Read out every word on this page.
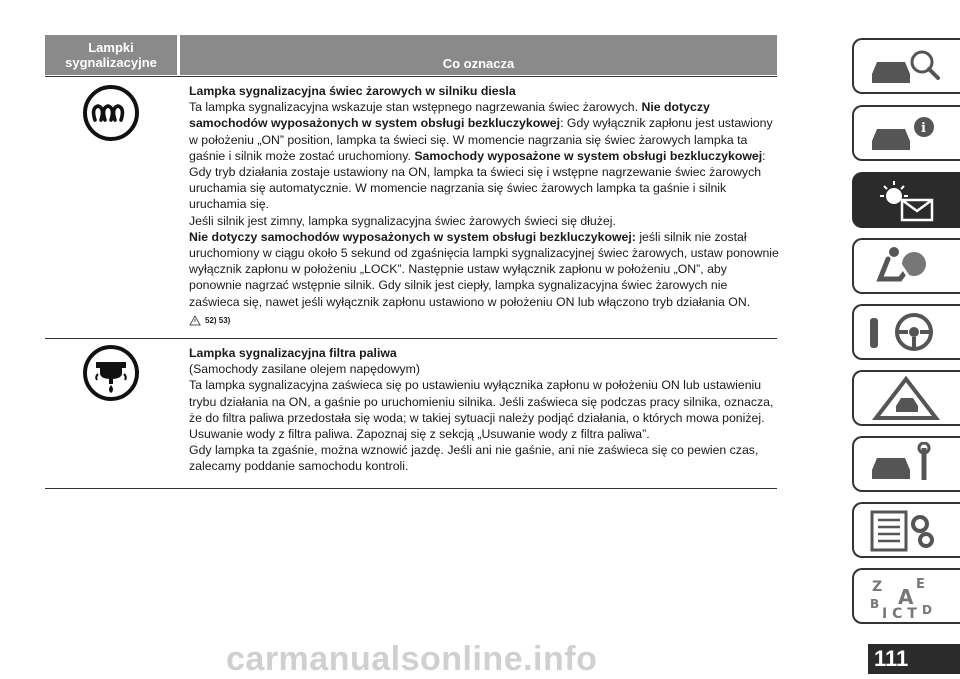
Lampki
sygnalizacyjne	Co oznacza

Lampka sygnalizacyjna świec żarowych w silniku diesla

Ta lampka sygnalizacyjna wskazuje stan wstępnego nagrzewania świec żarowych. Nie dotyczy samochodów wyposażonych w system obsługi bezkluczykowej: Gdy wyłącznik zapłonu jest ustawiony w położeniu „ON” position, lampka ta świeci się. W momencie nagrzania się świec żarowych lampka ta gaśnie i silnik może zostać uruchomiony. Samochody wyposażone w system obsługi bezkluczykowej: Gdy tryb działania zostaje ustawiony na ON, lampka ta świeci się i wstępne nagrzewanie świec żarowych uruchamia się automatycznie. W momencie nagrzania się świec żarowych lampka ta gaśnie i silnik uruchamia się.

Jeśli silnik jest zimny, lampka sygnalizacyjna świec żarowych świeci się dłużej.

Nie dotyczy samochodów wyposażonych w system obsługi bezkluczykowej: jeśli silnik nie został uruchomiony w ciągu około 5 sekund od zgaśnięcia lampki sygnalizacyjnej świec żarowych, ustaw ponownie wyłącznik zapłonu w położeniu „LOCK”. Następnie ustaw wyłącznik zapłonu w położeniu „ON”, aby ponownie nagrzać wstępnie silnik. Gdy silnik jest ciepły, lampka sygnalizacyjna świec żarowych nie zaświeca się, nawet jeśli wyłącznik zapłonu ustawiono w położeniu ON lub włączono tryb działania ON.

52) 53)

Lampka sygnalizacyjna filtra paliwa

(Samochody zasilane olejem napędowym)

Ta lampka sygnalizacyjna zaświeca się po ustawieniu wyłącznika zapłonu w położeniu ON lub ustawieniu trybu działania na ON, a gaśnie po uruchomieniu silnika. Jeśli zaświeca się podczas pracy silnika, oznacza, że do filtra paliwa przedostała się woda; w takiej sytuacji należy podjąć działania, o których mowa poniżej.

Usuwanie wody z filtra paliwa. Zapoznaj się z sekcją „Usuwanie wody z filtra paliwa”.

Gdy lampka ta zgaśnie, można wznowić jazdę. Jeśli ani nie gaśnie, ani nie zaświeca się co pewien czas, zalecamy poddanie samochodu kontroli.

i
Z	E
A
B	D
I C T
111
carmanualsonline.info
